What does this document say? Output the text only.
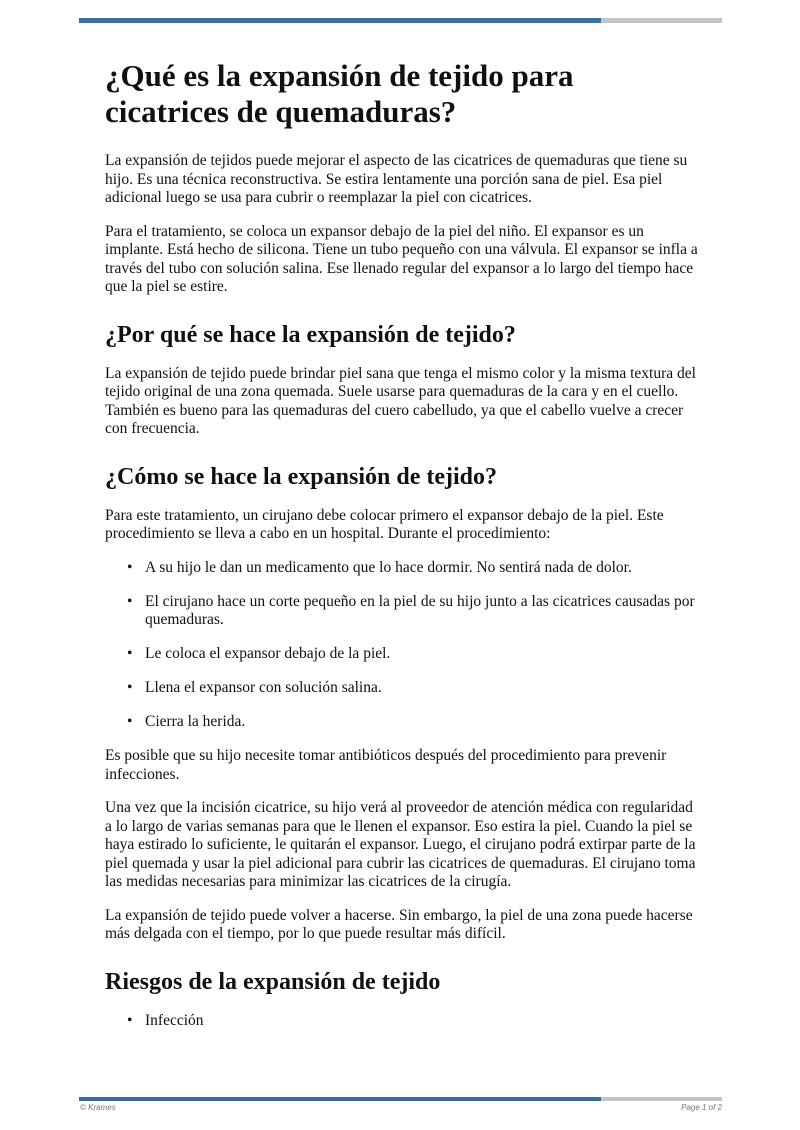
¿Qué es la expansión de tejido para cicatrices de quemaduras?

La expansión de tejidos puede mejorar el aspecto de las cicatrices de quemaduras que tiene su hijo. Es una técnica reconstructiva. Se estira lentamente una porción sana de piel. Esa piel adicional luego se usa para cubrir o reemplazar la piel con cicatrices.

Para el tratamiento, se coloca un expansor debajo de la piel del niño. El expansor es un implante. Está hecho de silicona. Tiene un tubo pequeño con una válvula. El expansor se infla a través del tubo con solución salina. Ese llenado regular del expansor a lo largo del tiempo hace que la piel se estire.

¿Por qué se hace la expansión de tejido?

La expansión de tejido puede brindar piel sana que tenga el mismo color y la misma textura del tejido original de una zona quemada. Suele usarse para quemaduras de la cara y en el cuello. También es bueno para las quemaduras del cuero cabelludo, ya que el cabello vuelve a crecer con frecuencia.

¿Cómo se hace la expansión de tejido?

Para este tratamiento, un cirujano debe colocar primero el expansor debajo de la piel. Este procedimiento se lleva a cabo en un hospital. Durante el procedimiento:

• A su hijo le dan un medicamento que lo hace dormir. No sentirá nada de dolor.
• El cirujano hace un corte pequeño en la piel de su hijo junto a las cicatrices causadas por quemaduras.
• Le coloca el expansor debajo de la piel.
• Llena el expansor con solución salina.
• Cierra la herida.

Es posible que su hijo necesite tomar antibióticos después del procedimiento para prevenir infecciones.

Una vez que la incisión cicatrice, su hijo verá al proveedor de atención médica con regularidad a lo largo de varias semanas para que le llenen el expansor. Eso estira la piel. Cuando la piel se haya estirado lo suficiente, le quitarán el expansor. Luego, el cirujano podrá extirpar parte de la piel quemada y usar la piel adicional para cubrir las cicatrices de quemaduras. El cirujano toma las medidas necesarias para minimizar las cicatrices de la cirugía.

La expansión de tejido puede volver a hacerse. Sin embargo, la piel de una zona puede hacerse más delgada con el tiempo, por lo que puede resultar más difícil.

Riesgos de la expansión de tejido
• Infección
© Krames	Page 1 of 2
